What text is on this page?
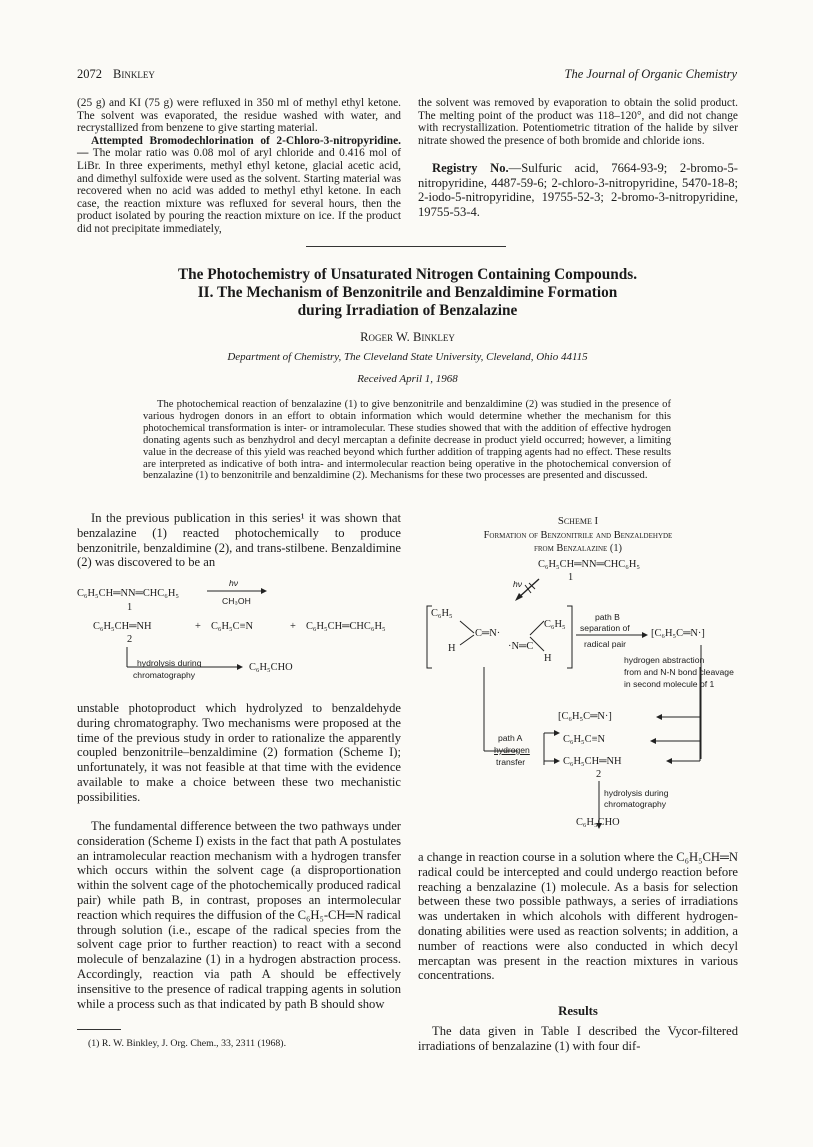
2072 Binkley	The Journal of Organic Chemistry

(25 g) and KI (75 g) were refluxed in 350 ml of methyl ethyl ketone. The solvent was evaporated, the residue washed with water, and recrystallized from benzene to give starting material.

Attempted Bromodechlorination of 2-Chloro-3-nitropyridine.— The molar ratio was 0.08 mol of aryl chloride and 0.416 mol of LiBr. In three experiments, methyl ethyl ketone, glacial acetic acid, and dimethyl sulfoxide were used as the solvent. Starting material was recovered when no acid was added to methyl ethyl ketone. In each case, the reaction mixture was refluxed for several hours, then the product isolated by pouring the reaction mixture on ice. If the product did not precipitate immediately,

the solvent was removed by evaporation to obtain the solid product. The melting point of the product was 118–120°, and did not change with recrystallization. Potentiometric titration of the halide by silver nitrate showed the presence of both bromide and chloride ions.

Registry No.—Sulfuric acid, 7664-93-9; 2-bromo-5-nitropyridine, 4487-59-6; 2-chloro-3-nitropyridine, 5470-18-8; 2-iodo-5-nitropyridine, 19755-52-3; 2-bromo-3-nitropyridine, 19755-53-4.
The Photochemistry of Unsaturated Nitrogen Containing Compounds.
II. The Mechanism of Benzonitrile and Benzaldimine Formation
during Irradiation of Benzalazine
Roger W. Binkley
Department of Chemistry, The Cleveland State University, Cleveland, Ohio 44115
Received April 1, 1968
The photochemical reaction of benzalazine (1) to give benzonitrile and benzaldimine (2) was studied in the presence of various hydrogen donors in an effort to obtain information which would determine whether the mechanism for this photochemical transformation is inter- or intramolecular. These studies showed that with the addition of effective hydrogen donating agents such as benzhydrol and decyl mercaptan a definite decrease in product yield occurred; however, a limiting value in the decrease of this yield was reached beyond which further addition of trapping agents had no effect. These results are interpreted as indicative of both intra- and intermolecular reaction being operative in the photochemical conversion of benzalazine (1) to benzonitrile and benzaldimine (2). Mechanisms for these two processes are presented and discussed.
In the previous publication in this series¹ it was shown that benzalazine (1) reacted photochemically to produce benzonitrile, benzaldimine (2), and trans-stilbene. Benzaldimine (2) was discovered to be an
C₆H₅CH═NN═CHC₆H₅
hν
CH₃OH
1
C₆H₅CH═NH	+ C₆H₅C≡N	+ C₆H₅CH═CHC₆H₅
2
hydrolysis during
chromatography
C₆H₅CHO
unstable photoproduct which hydrolyzed to benzaldehyde during chromatography. Two mechanisms were proposed at the time of the previous study in order to rationalize the apparently coupled benzonitrile–benzaldimine (2) formation (Scheme I); unfortunately, it was not feasible at that time with the evidence available to make a choice between these two mechanistic possibilities.
The fundamental difference between the two pathways under consideration (Scheme I) exists in the fact that path A postulates an intramolecular reaction mechanism with a hydrogen transfer which occurs within the solvent cage (a disproportionation within the solvent cage of the photochemically produced radical pair) while path B, in contrast, proposes an intermolecular reaction which requires the diffusion of the C₆H₅-CH═N radical through solution (i.e., escape of the radical species from the solvent cage prior to further reaction) to react with a second molecule of benzalazine (1) in a hydrogen abstraction process. Accordingly, reaction via path A should be effectively insensitive to the presence of radical trapping agents in solution while a process such as that indicated by path B should show
(1) R. W. Binkley, J. Org. Chem., 33, 2311 (1968).
Scheme I
Formation of Benzonitrile and Benzaldehyde
from Benzalazine (1)
C₆H₅CH═NN═CHC₆H₅
1
hν
C₆H₅
C═N·
H	·N═C
C₆H₅
H
path B
separation of
radical pair
[C₆H₅C═N·]
hydrogen abstraction
from and N-N bond cleavage
in second molecule of 1
[C₆H₅C═N·]
path A
hydrogen
transfer
C₆H₅C≡N
C₆H₅CH═NH
2
hydrolysis during
chromatography
C₆H₅CHO
a change in reaction course in a solution where the C₆H₅CH═N radical could be intercepted and could undergo reaction before reaching a benzalazine (1) molecule. As a basis for selection between these two possible pathways, a series of irradiations was undertaken in which alcohols with different hydrogen-donating abilities were used as reaction solvents; in addition, a number of reactions were also conducted in which decyl mercaptan was present in the reaction mixtures in various concentrations.
Results
The data given in Table I described the Vycor-filtered irradiations of benzalazine (1) with four dif-
